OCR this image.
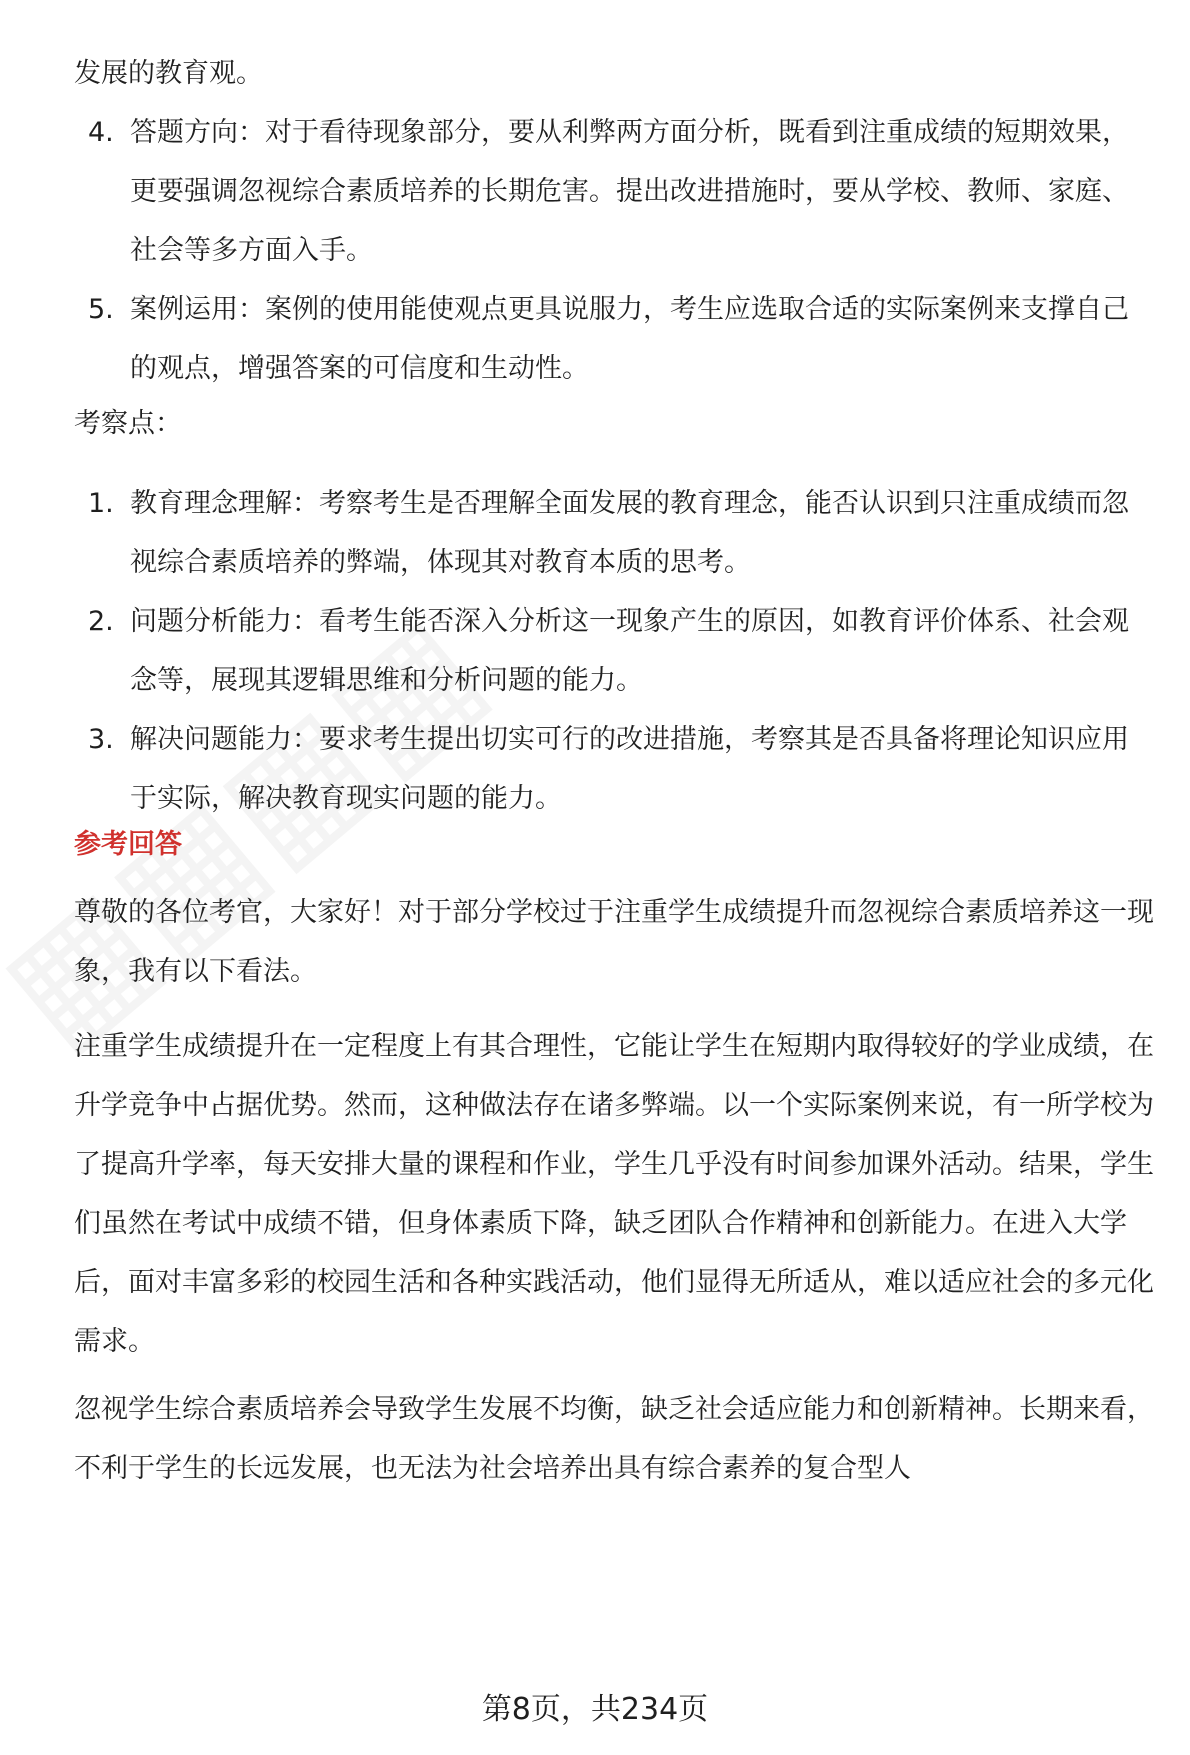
发展的教育观。

4. 答题方向：对于看待现象部分，要从利弊两方面分析，既看到注重成绩的短期效果，更要强调忽视综合素质培养的长期危害。提出改进措施时，要从学校、教师、家庭、社会等多方面入手。
5. 案例运用：案例的使用能使观点更具说服力，考生应选取合适的实际案例来支撑自己的观点，增强答案的可信度和生动性。

考察点：

1. 教育理念理解：考察考生是否理解全面发展的教育理念，能否认识到只注重成绩而忽视综合素质培养的弊端，体现其对教育本质的思考。
2. 问题分析能力：看考生能否深入分析这一现象产生的原因，如教育评价体系、社会观念等，展现其逻辑思维和分析问题的能力。
3. 解决问题能力：要求考生提出切实可行的改进措施，考察其是否具备将理论知识应用于实际，解决教育现实问题的能力。

参考回答

尊敬的各位考官，大家好！对于部分学校过于注重学生成绩提升而忽视综合素质培养这一现象，我有以下看法。

注重学生成绩提升在一定程度上有其合理性，它能让学生在短期内取得较好的学业成绩，在升学竞争中占据优势。然而，这种做法存在诸多弊端。以一个实际案例来说，有一所学校为了提高升学率，每天安排大量的课程和作业，学生几乎没有时间参加课外活动。结果，学生们虽然在考试中成绩不错，但身体素质下降，缺乏团队合作精神和创新能力。在进入大学后，面对丰富多彩的校园生活和各种实践活动，他们显得无所适从，难以适应社会的多元化需求。

忽视学生综合素质培养会导致学生发展不均衡，缺乏社会适应能力和创新精神。长期来看，不利于学生的长远发展，也无法为社会培养出具有综合素养的复合型人

第8页，共234页
